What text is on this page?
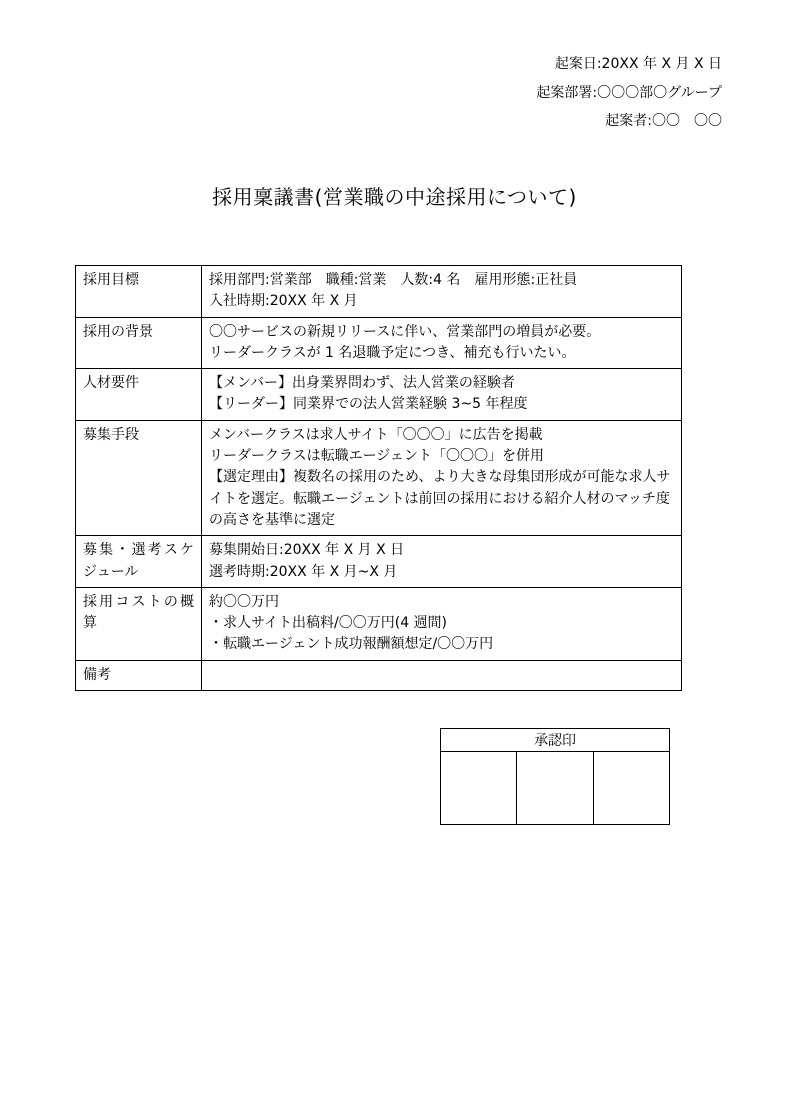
起案日:20XX 年 X 月 X 日
起案部署:〇〇〇部〇グループ
起案者:〇〇　〇〇
採用稟議書(営業職の中途採用について)
採用目標	採用部門:営業部　職種:営業　人数:4 名　雇用形態:正社員
入社時期:20XX 年 X 月

採用の背景	〇〇サービスの新規リリースに伴い、営業部門の増員が必要。
リーダークラスが 1 名退職予定につき、補充も行いたい。

人材要件	【メンバー】出身業界問わず、法人営業の経験者
【リーダー】同業界での法人営業経験 3~5 年程度

募集手段	メンバークラスは求人サイト「〇〇〇」に広告を掲載
リーダークラスは転職エージェント「〇〇〇」を併用
【選定理由】複数名の採用のため、より大きな母集団形成が可能な求人サイトを選定。転職エージェントは前回の採用における紹介人材のマッチ度の高さを基準に選定

募集・選考スケジュール	募集開始日:20XX 年 X 月 X 日
選考時期:20XX 年 X 月~X 月

採用コストの概算	約〇〇万円
・求人サイト出稿料/〇〇万円(4 週間)
・転職エージェント成功報酬額想定/〇〇万円

備考	
承認印
